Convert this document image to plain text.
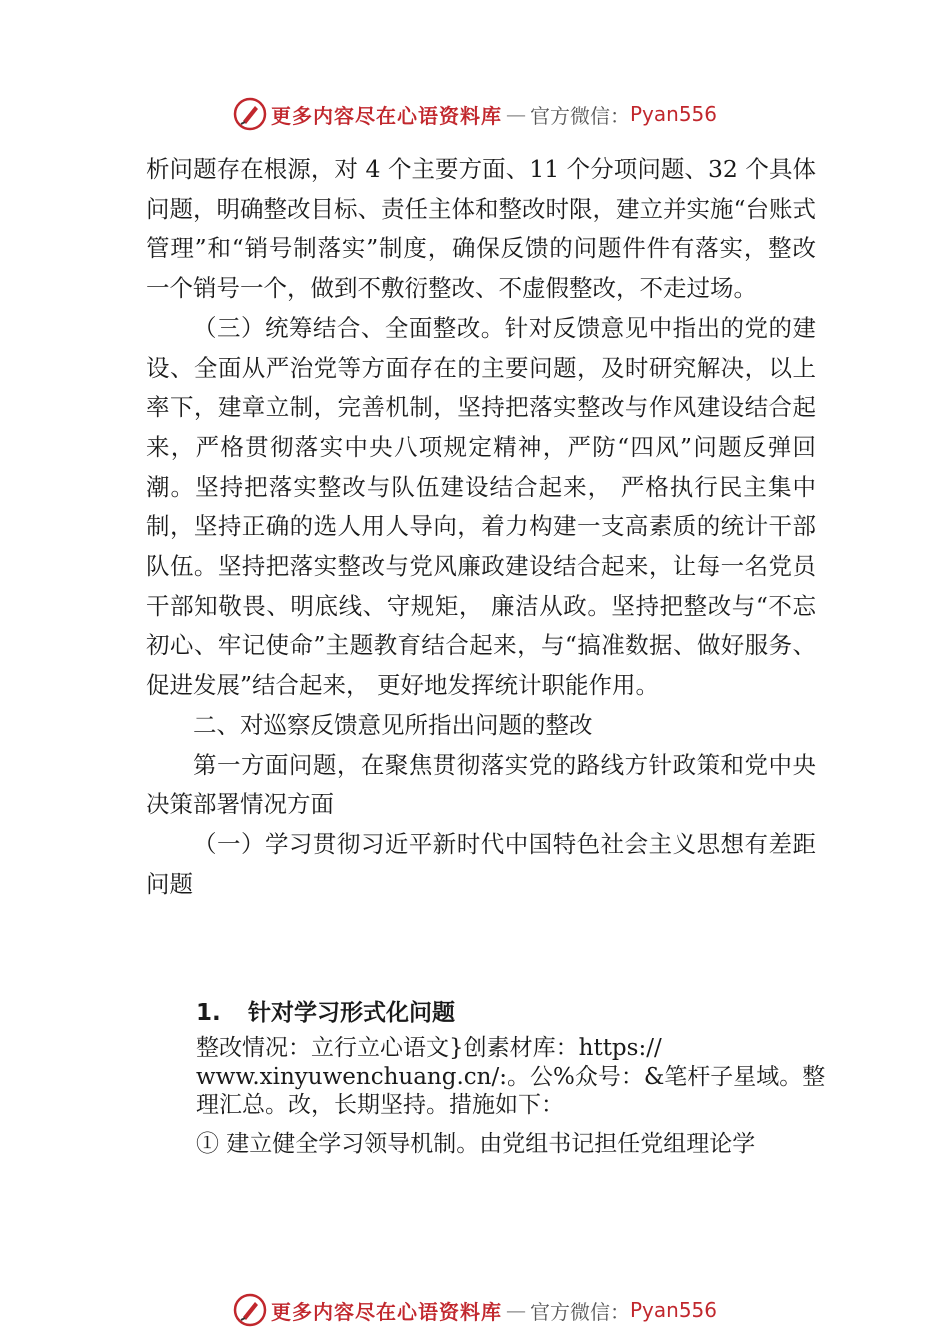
更多内容尽在心语资料库 — 官方微信： Pyan556

析问题存在根源，对 4 个主要方面、11 个分项问题、32 个具体问题，明确整改目标、责任主体和整改时限，建立并实施“台账式管理”和“销号制落实”制度，确保反馈的问题件件有落实，整改一个销号一个，做到不敷衍整改、不虚假整改，不走过场。

（三）统筹结合、全面整改。针对反馈意见中指出的党的建设、全面从严治党等方面存在的主要问题，及时研究解决，以上率下，建章立制，完善机制，坚持把落实整改与作风建设结合起来，严格贯彻落实中央八项规定精神，严防“四风”问题反弹回潮。坚持把落实整改与队伍建设结合起来， 严格执行民主集中制，坚持正确的选人用人导向，着力构建一支高素质的统计干部队伍。坚持把落实整改与党风廉政建设结合起来，让每一名党员干部知敬畏、明底线、守规矩， 廉洁从政。坚持把整改与“不忘初心、牢记使命”主题教育结合起来，与“搞准数据、做好服务、促进发展”结合起来， 更好地发挥统计职能作用。

二、对巡察反馈意见所指出问题的整改

第一方面问题，在聚焦贯彻落实党的路线方针政策和党中央决策部署情况方面

（一）学习贯彻习近平新时代中国特色社会主义思想有差距问题

1. 针对学习形式化问题

整改情况：立行立心语文}创素材库：https://

www.xinyuwenchuang.cn/:。公%众号：&笔杆子星域。整

理汇总。改，长期坚持。措施如下：

① 建立健全学习领导机制。由党组书记担任党组理论学

更多内容尽在心语资料库 — 官方微信： Pyan556
